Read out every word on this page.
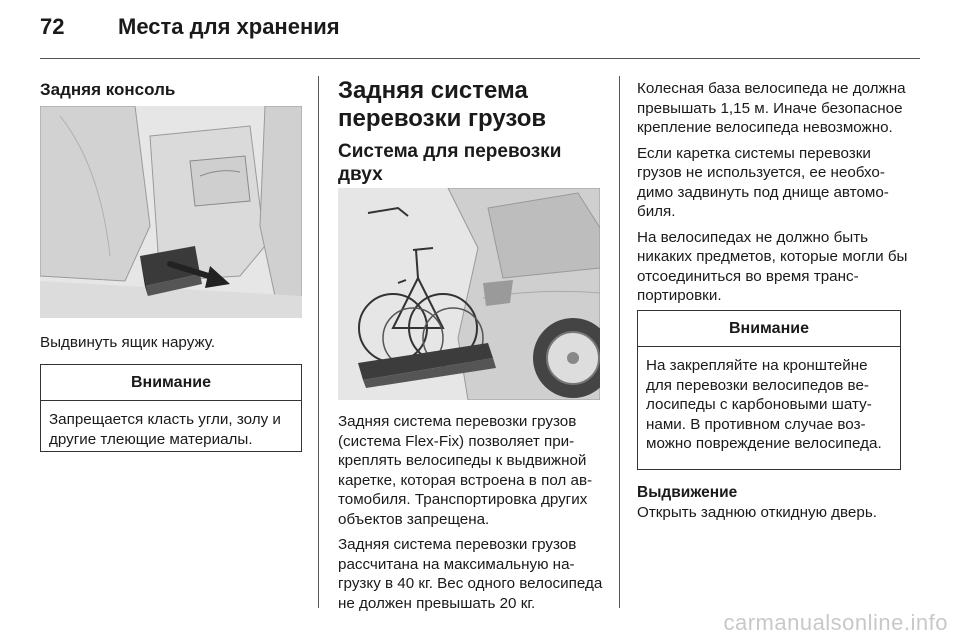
72 Места для хранения
Задняя консоль
Выдвинуть ящик наружу.
Внимание
Запрещается класть угли, золу и другие тлеющие материалы.
Задняя система
перевозки грузов
Система для перевозки двух

Задняя система перевозки грузов (система Flex-Fix) позволяет прикреплять велосипеды к выдвижной каретке, которая встроена в пол автомобиля. Транспортировка других объектов запрещена.

Задняя система перевозки грузов рассчитана на максимальную нагрузку в 40 кг. Вес одного велосипеда не должен превышать 20 кг.

Колесная база велосипеда не должна превышать 1,15 м. Иначе безопасное крепление велосипеда невозможно.

Если каретка системы перевозки грузов не используется, ее необходимо задвинуть под днище автомобиля.

На велосипедах не должно быть никаких предметов, которые могли бы отсоединиться во время транспортировки.

Внимание
На закрепляйте на кронштейне для перевозки велосипедов велосипеды с карбоновыми шатунами. В противном случае возможно повреждение велосипеда.
Выдвижение
Открыть заднюю откидную дверь.
carmanualsonline.info
